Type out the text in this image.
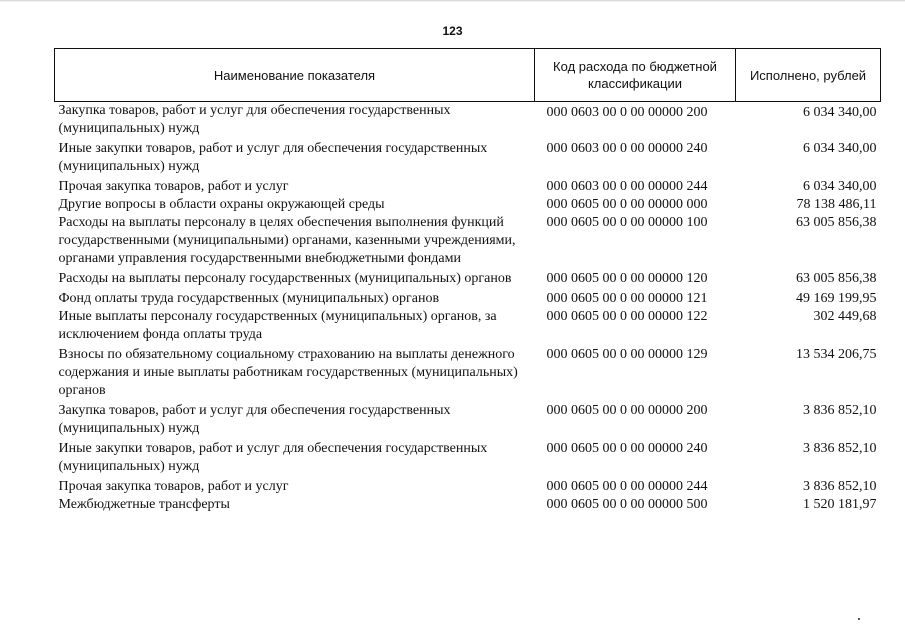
123
Наименование показателя	Код расхода по бюджетной классификации	Исполнено, рублей
Закупка товаров, работ и услуг для обеспечения государственных (муниципальных) нужд	000 0603 00 0 00 00000 200	6 034 340,00
Иные закупки товаров, работ и услуг для обеспечения государственных (муниципальных) нужд	000 0603 00 0 00 00000 240	6 034 340,00
Прочая закупка товаров, работ и услуг	000 0603 00 0 00 00000 244	6 034 340,00
Другие вопросы в области охраны окружающей среды	000 0605 00 0 00 00000 000	78 138 486,11
Расходы на выплаты персоналу в целях обеспечения выполнения функций государственными (муниципальными) органами, казенными учреждениями, органами управления государственными внебюджетными фондами	000 0605 00 0 00 00000 100	63 005 856,38
Расходы на выплаты персоналу государственных (муниципальных) органов	000 0605 00 0 00 00000 120	63 005 856,38
Фонд оплаты труда государственных (муниципальных) органов	000 0605 00 0 00 00000 121	49 169 199,95
Иные выплаты персоналу государственных (муниципальных) органов, за исключением фонда оплаты труда	000 0605 00 0 00 00000 122	302 449,68
Взносы по обязательному социальному страхованию на выплаты денежного содержания и иные выплаты работникам государственных (муниципальных) органов	000 0605 00 0 00 00000 129	13 534 206,75
Закупка товаров, работ и услуг для обеспечения государственных (муниципальных) нужд	000 0605 00 0 00 00000 200	3 836 852,10
Иные закупки товаров, работ и услуг для обеспечения государственных (муниципальных) нужд	000 0605 00 0 00 00000 240	3 836 852,10
Прочая закупка товаров, работ и услуг	000 0605 00 0 00 00000 244	3 836 852,10
Межбюджетные трансферты	000 0605 00 0 00 00000 500	1 520 181,97
